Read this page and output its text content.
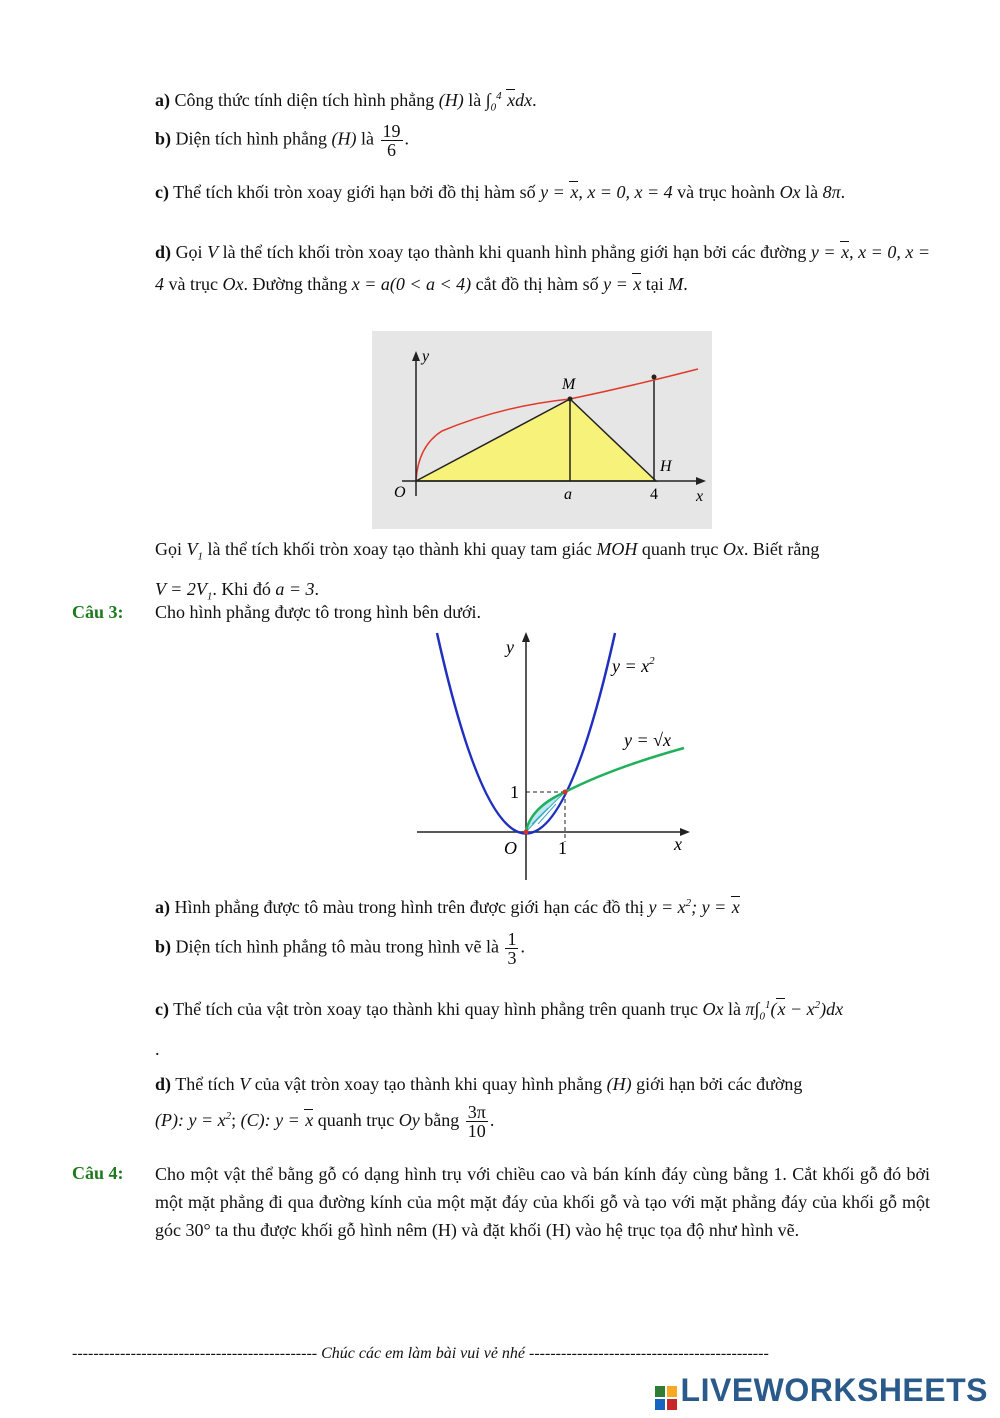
a) Công thức tính diện tích hình phẳng (H) là $\int_0^4$ xdx.
b) Diện tích hình phẳng (H) là $\frac{19}{6}$ .
c) Thể tích khối tròn xoay giới hạn bởi đồ thị hàm số y = x, x = 0, x = 4 và trục hoành Ox là 8π.
d) Gọi V là thể tích khối tròn xoay tạo thành khi quanh hình phẳng giới hạn bởi các đường y = x, x = 0, x = 4 và trục Ox. Đường thẳng x = a(0 < a < 4) cắt đồ thị hàm số y = x tại M.
y
M
H
O	a	4 x
Gọi $V_1$ là thể tích khối tròn xoay tạo thành khi quay tam giác MOH quanh trục Ox. Biết rằng
$V = 2V_1$. Khi đó a = 3.
Câu 3: Cho hình phẳng được tô trong hình bên dưới.
y
x
O 1
1
$y = x^2$
y = √x
a) Hình phẳng được tô màu trong hình trên được giới hạn các đồ thị $y = x^2$; y = x
b) Diện tích hình phẳng tô màu trong hình vẽ là $\frac{1}{3}$ .
c) Thể tích của vật tròn xoay tạo thành khi quay hình phẳng trên quanh trục Ox là $\pi\int_0^1(x - x^2)dx$
.
d) Thể tích V của vật tròn xoay tạo thành khi quay hình phẳng (H) giới hạn bởi các đường
(P): $y = x^2$; (C): y = x quanh trục Oy bằng $\frac{3\pi}{10}$ .
Câu 4: Cho một vật thể bằng gỗ có dạng hình trụ với chiều cao và bán kính đáy cùng bằng 1. Cắt khối gỗ đó bởi một mặt phẳng đi qua đường kính của một mặt đáy của khối gỗ và tạo với mặt phẳng đáy của khối gỗ một góc 30° ta thu được khối gỗ hình nêm (H) và đặt khối (H) vào hệ trục tọa độ như hình vẽ.
---------------------------------------------- Chúc các em làm bài vui vẻ nhé ---------------------------------------------
LIVEWORKSHEETS
